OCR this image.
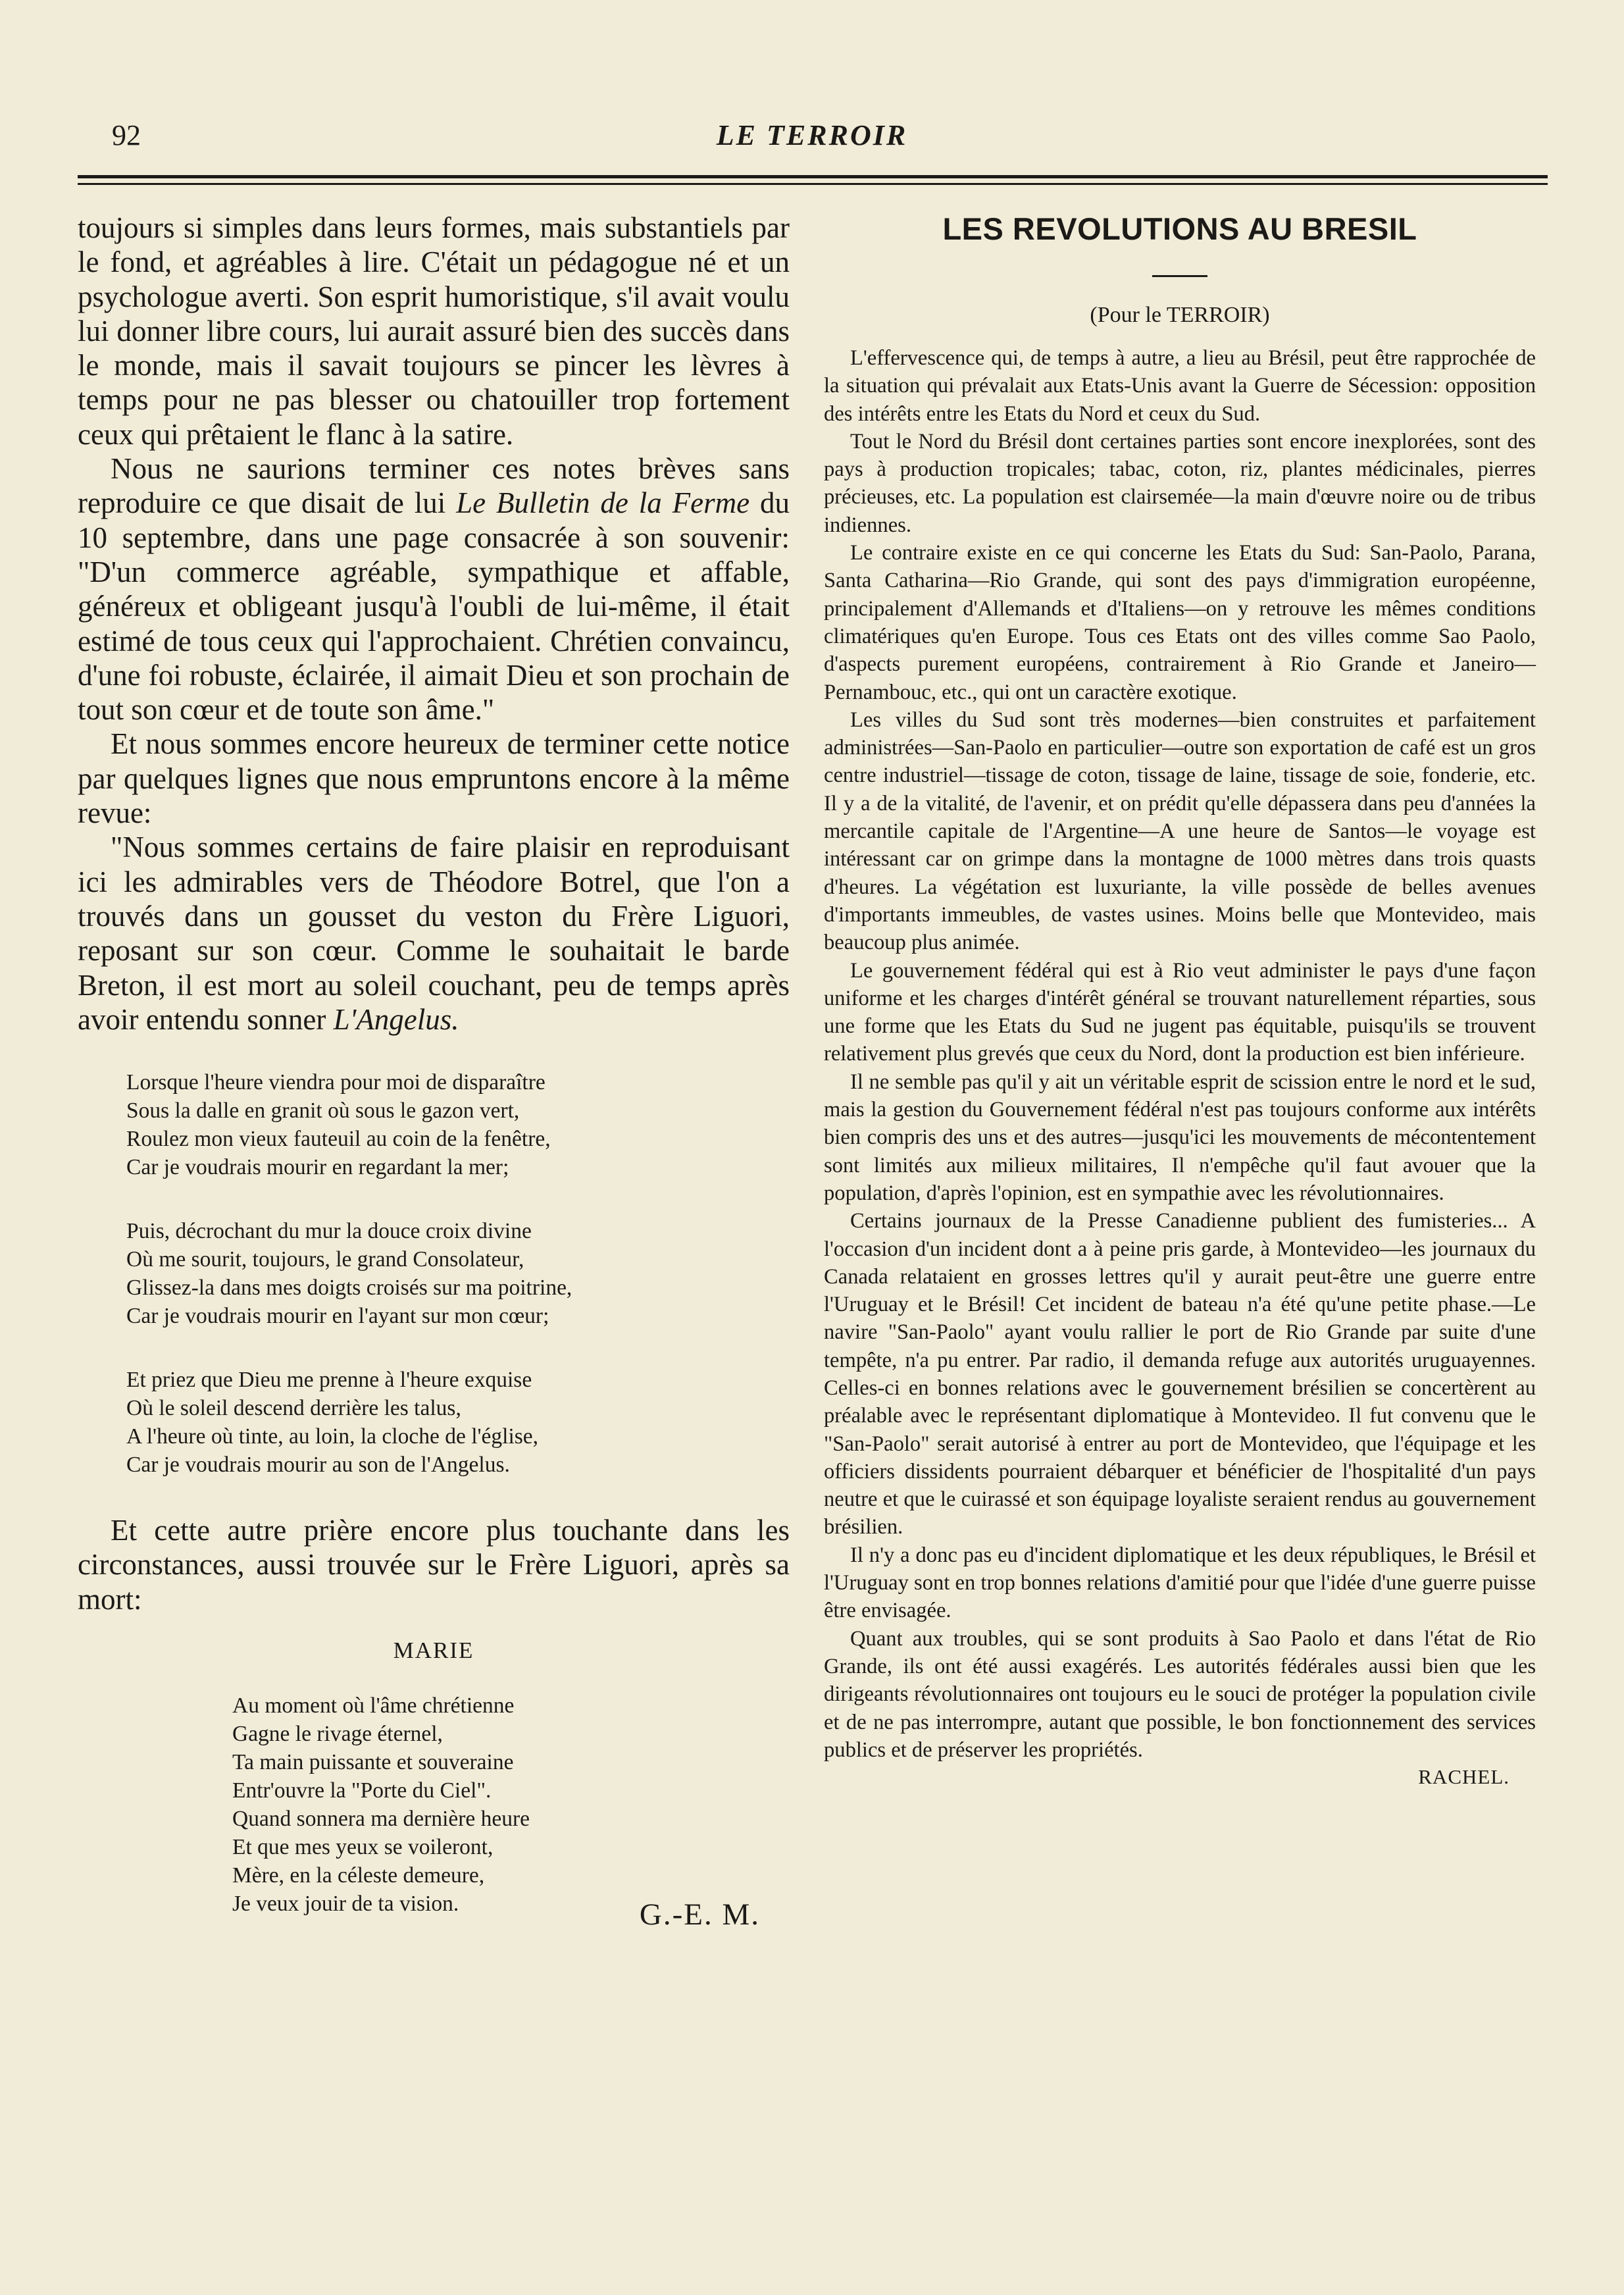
92	LE TERROIR

toujours si simples dans leurs formes, mais substantiels par le fond, et agréables à lire. C'était un pédagogue né et un psychologue averti. Son esprit humoristique, s'il avait voulu lui donner libre cours, lui aurait assuré bien des succès dans le monde, mais il savait toujours se pincer les lèvres à temps pour ne pas blesser ou chatouiller trop fortement ceux qui prêtaient le flanc à la satire.

Nous ne saurions terminer ces notes brèves sans reproduire ce que disait de lui Le Bulletin de la Ferme du 10 septembre, dans une page consacrée à son souvenir: "D'un commerce agréable, sympathique et affable, généreux et obligeant jusqu'à l'oubli de lui-même, il était estimé de tous ceux qui l'approchaient. Chrétien convaincu, d'une foi robuste, éclairée, il aimait Dieu et son prochain de tout son cœur et de toute son âme."

Et nous sommes encore heureux de terminer cette notice par quelques lignes que nous empruntons encore à la même revue:

"Nous sommes certains de faire plaisir en reproduisant ici les admirables vers de Théodore Botrel, que l'on a trouvés dans un gousset du veston du Frère Liguori, reposant sur son cœur. Comme le souhaitait le barde Breton, il est mort au soleil couchant, peu de temps après avoir entendu sonner L'Angelus.

Lorsque l'heure viendra pour moi de disparaître
Sous la dalle en granit où sous le gazon vert,
Roulez mon vieux fauteuil au coin de la fenêtre,
Car je voudrais mourir en regardant la mer;
Puis, décrochant du mur la douce croix divine
Où me sourit, toujours, le grand Consolateur,
Glissez-la dans mes doigts croisés sur ma poitrine,
Car je voudrais mourir en l'ayant sur mon cœur;
Et priez que Dieu me prenne à l'heure exquise
Où le soleil descend derrière les talus,
A l'heure où tinte, au loin, la cloche de l'église,
Car je voudrais mourir au son de l'Angelus.

Et cette autre prière encore plus touchante dans les circonstances, aussi trouvée sur le Frère Liguori, après sa mort:

MARIE
Au moment où l'âme chrétienne
Gagne le rivage éternel,
Ta main puissante et souveraine
Entr'ouvre la "Porte du Ciel".
Quand sonnera ma dernière heure
Et que mes yeux se voileront,
Mère, en la céleste demeure,
Je veux jouir de ta vision.	G.-E. M.

LES REVOLUTIONS AU BRESIL
(Pour le TERROIR)

L'effervescence qui, de temps à autre, a lieu au Brésil, peut être rapprochée de la situation qui prévalait aux Etats-Unis avant la Guerre de Sécession: opposition des intérêts entre les Etats du Nord et ceux du Sud.

Tout le Nord du Brésil dont certaines parties sont encore inexplorées, sont des pays à production tropicales; tabac, coton, riz, plantes médicinales, pierres précieuses, etc. La population est clairsemée—la main d'œuvre noire ou de tribus indiennes.

Le contraire existe en ce qui concerne les Etats du Sud: San-Paolo, Parana, Santa Catharina—Rio Grande, qui sont des pays d'immigration européenne, principalement d'Allemands et d'Italiens—on y retrouve les mêmes conditions climatériques qu'en Europe. Tous ces Etats ont des villes comme Sao Paolo, d'aspects purement européens, contrairement à Rio Grande et Janeiro—Pernambouc, etc., qui ont un caractère exotique.

Les villes du Sud sont très modernes—bien construites et parfaitement administrées—San-Paolo en particulier—outre son exportation de café est un gros centre industriel—tissage de coton, tissage de laine, tissage de soie, fonderie, etc. Il y a de la vitalité, de l'avenir, et on prédit qu'elle dépassera dans peu d'années la mercantile capitale de l'Argentine—A une heure de Santos—le voyage est intéressant car on grimpe dans la montagne de 1000 mètres dans trois quasts d'heures. La végétation est luxuriante, la ville possède de belles avenues d'importants immeubles, de vastes usines. Moins belle que Montevideo, mais beaucoup plus animée.

Le gouvernement fédéral qui est à Rio veut administer le pays d'une façon uniforme et les charges d'intérêt général se trouvant naturellement réparties, sous une forme que les Etats du Sud ne jugent pas équitable, puisqu'ils se trouvent relativement plus grevés que ceux du Nord, dont la production est bien inférieure.

Il ne semble pas qu'il y ait un véritable esprit de scission entre le nord et le sud, mais la gestion du Gouvernement fédéral n'est pas toujours conforme aux intérêts bien compris des uns et des autres—jusqu'ici les mouvements de mécontentement sont limités aux milieux militaires, Il n'empêche qu'il faut avouer que la population, d'après l'opinion, est en sympathie avec les révolutionnaires.

Certains journaux de la Presse Canadienne publient des fumisteries... A l'occasion d'un incident dont a à peine pris garde, à Montevideo—les journaux du Canada relataient en grosses lettres qu'il y aurait peut-être une guerre entre l'Uruguay et le Brésil! Cet incident de bateau n'a été qu'une petite phase.—Le navire "San-Paolo" ayant voulu rallier le port de Rio Grande par suite d'une tempête, n'a pu entrer. Par radio, il demanda refuge aux autorités uruguayennes. Celles-ci en bonnes relations avec le gouvernement brésilien se concertèrent au préalable avec le représentant diplomatique à Montevideo. Il fut convenu que le "San-Paolo" serait autorisé à entrer au port de Montevideo, que l'équipage et les officiers dissidents pourraient débarquer et bénéficier de l'hospitalité d'un pays neutre et que le cuirassé et son équipage loyaliste seraient rendus au gouvernement brésilien.

Il n'y a donc pas eu d'incident diplomatique et les deux républiques, le Brésil et l'Uruguay sont en trop bonnes relations d'amitié pour que l'idée d'une guerre puisse être envisagée.

Quant aux troubles, qui se sont produits à Sao Paolo et dans l'état de Rio Grande, ils ont été aussi exagérés. Les autorités fédérales aussi bien que les dirigeants révolutionnaires ont toujours eu le souci de protéger la population civile et de ne pas interrompre, autant que possible, le bon fonctionnement des services publics et de préserver les propriétés.

RACHEL.
